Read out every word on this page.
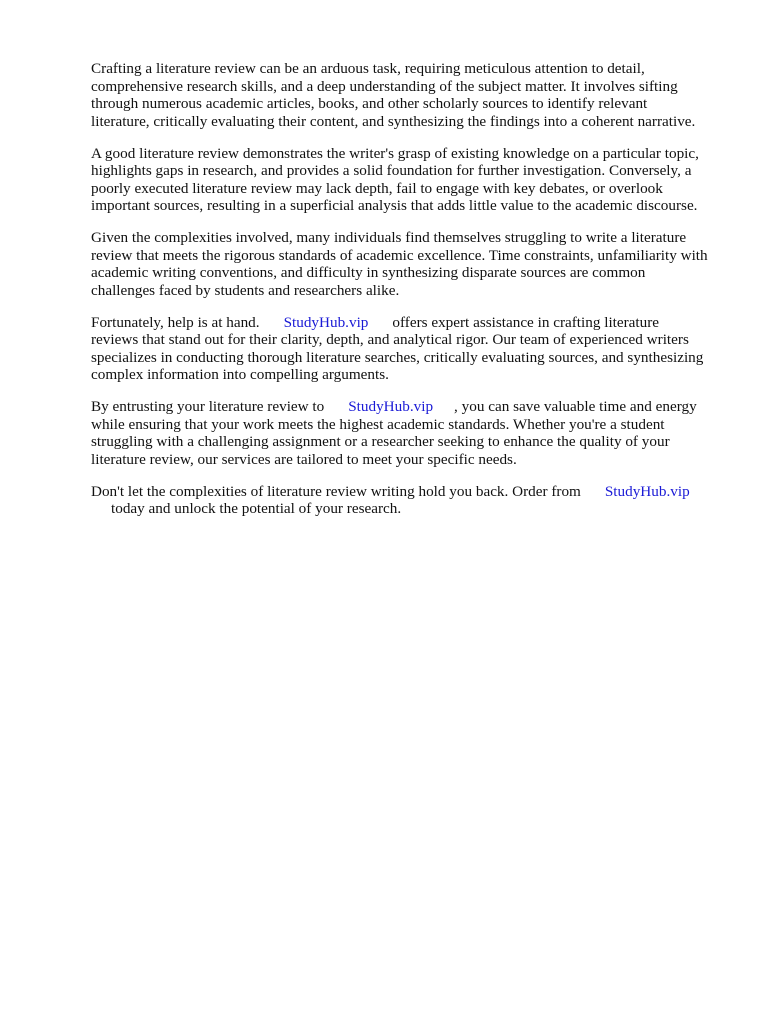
Crafting a literature review can be an arduous task, requiring meticulous attention to detail,
comprehensive research skills, and a deep understanding of the subject matter. It involves sifting
through numerous academic articles, books, and other scholarly sources to identify relevant
literature, critically evaluating their content, and synthesizing the findings into a coherent narrative.

A good literature review demonstrates the writer's grasp of existing knowledge on a particular topic,
highlights gaps in research, and provides a solid foundation for further investigation. Conversely, a
poorly executed literature review may lack depth, fail to engage with key debates, or overlook
important sources, resulting in a superficial analysis that adds little value to the academic discourse.

Given the complexities involved, many individuals find themselves struggling to write a literature
review that meets the rigorous standards of academic excellence. Time constraints, unfamiliarity with
academic writing conventions, and difficulty in synthesizing disparate sources are common
challenges faced by students and researchers alike.

Fortunately, help is at hand. StudyHub.vip offers expert assistance in crafting literature
reviews that stand out for their clarity, depth, and analytical rigor. Our team of experienced writers
specializes in conducting thorough literature searches, critically evaluating sources, and synthesizing
complex information into compelling arguments.

By entrusting your literature review to StudyHub.vip , you can save valuable time and energy
while ensuring that your work meets the highest academic standards. Whether you're a student
struggling with a challenging assignment or a researcher seeking to enhance the quality of your
literature review, our services are tailored to meet your specific needs.

Don't let the complexities of literature review writing hold you back. Order from StudyHub.vip
today and unlock the potential of your research.
